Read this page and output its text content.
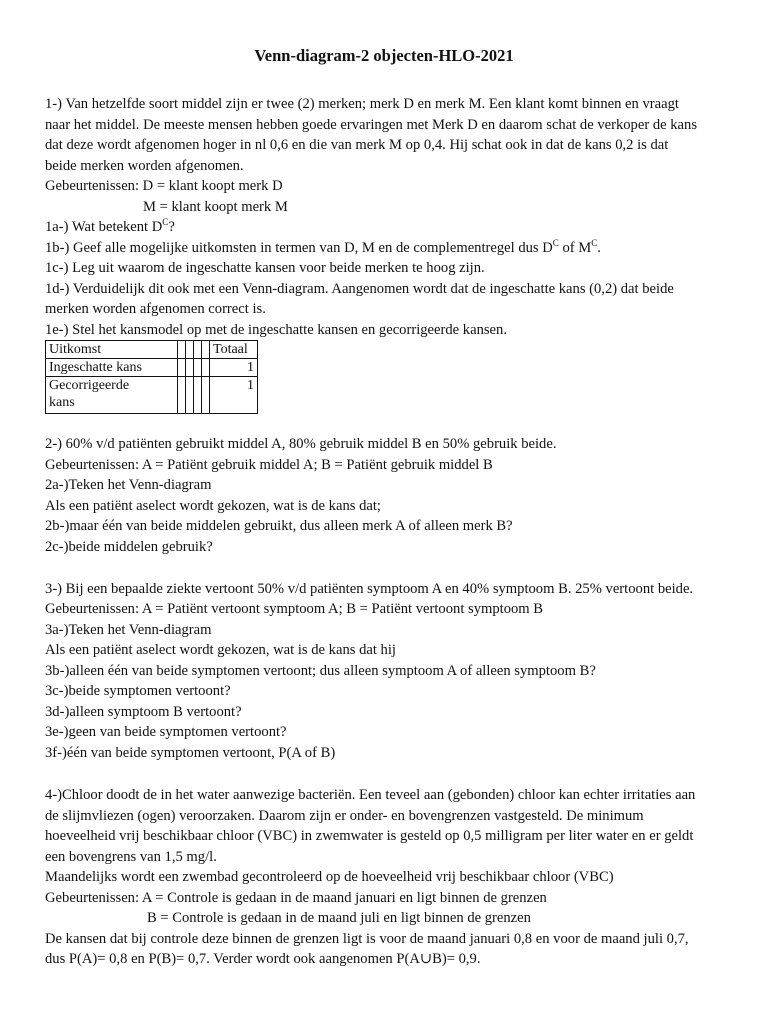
Venn-diagram-2 objecten-HLO-2021
1-) Van hetzelfde soort middel zijn er twee (2) merken; merk D en merk M. Een klant komt binnen en vraagt
naar het middel. De meeste mensen hebben goede ervaringen met Merk D en daarom schat de verkoper de kans
dat deze wordt afgenomen hoger in nl 0,6 en die van merk M op 0,4. Hij schat ook in dat de kans 0,2 is dat
beide merken worden afgenomen.
Gebeurtenissen: D = klant koopt merk D
M = klant koopt merk M
1a-) Wat betekent $D^C$?
1b-) Geef alle mogelijke uitkomsten in termen van D, M en de complementregel dus $D^C$ of $M^C$.
1c-) Leg uit waarom de ingeschatte kansen voor beide merken te hoog zijn.
1d-) Verduidelijk dit ook met een Venn-diagram. Aangenomen wordt dat de ingeschatte kans (0,2) dat beide
merken worden afgenomen correct is.
1e-) Stel het kansmodel op met de ingeschatte kansen en gecorrigeerde kansen.
Uitkomst					Totaal
Ingeschatte kans					1
Gecorrigeerde
kans					1
2-) 60% v/d patiënten gebruikt middel A, 80% gebruik middel B en 50% gebruik beide.
Gebeurtenissen: A = Patiënt gebruik middel A; B = Patiënt gebruik middel B
2a-)Teken het Venn-diagram
Als een patiënt aselect wordt gekozen, wat is de kans dat;
2b-)maar één van beide middelen gebruikt, dus alleen merk A of alleen merk B?
2c-)beide middelen gebruik?
3-) Bij een bepaalde ziekte vertoont 50% v/d patiënten symptoom A en 40% symptoom B. 25% vertoont beide.
Gebeurtenissen: A = Patiënt vertoont symptoom A; B = Patiënt vertoont symptoom B
3a-)Teken het Venn-diagram
Als een patiënt aselect wordt gekozen, wat is de kans dat hij
3b-)alleen één van beide symptomen vertoont; dus alleen symptoom A of alleen symptoom B?
3c-)beide symptomen vertoont?
3d-)alleen symptoom B vertoont?
3e-)geen van beide symptomen vertoont?
3f-)één van beide symptomen vertoont, P(A of B)
4-)Chloor doodt de in het water aanwezige bacteriën. Een teveel aan (gebonden) chloor kan echter irritaties aan
de slijmvliezen (ogen) veroorzaken. Daarom zijn er onder- en bovengrenzen vastgesteld. De minimum
hoeveelheid vrij beschikbaar chloor (VBC) in zwemwater is gesteld op 0,5 milligram per liter water en er geldt
een bovengrens van 1,5 mg/l.
Maandelijks wordt een zwembad gecontroleerd op de hoeveelheid vrij beschikbaar chloor (VBC)
Gebeurtenissen: A = Controle is gedaan in de maand januari en ligt binnen de grenzen
B = Controle is gedaan in de maand juli en ligt binnen de grenzen
De kansen dat bij controle deze binnen de grenzen ligt is voor de maand januari 0,8 en voor de maand juli 0,7,
dus P(A)= 0,8 en P(B)= 0,7. Verder wordt ook aangenomen P(A∪B)= 0,9.
